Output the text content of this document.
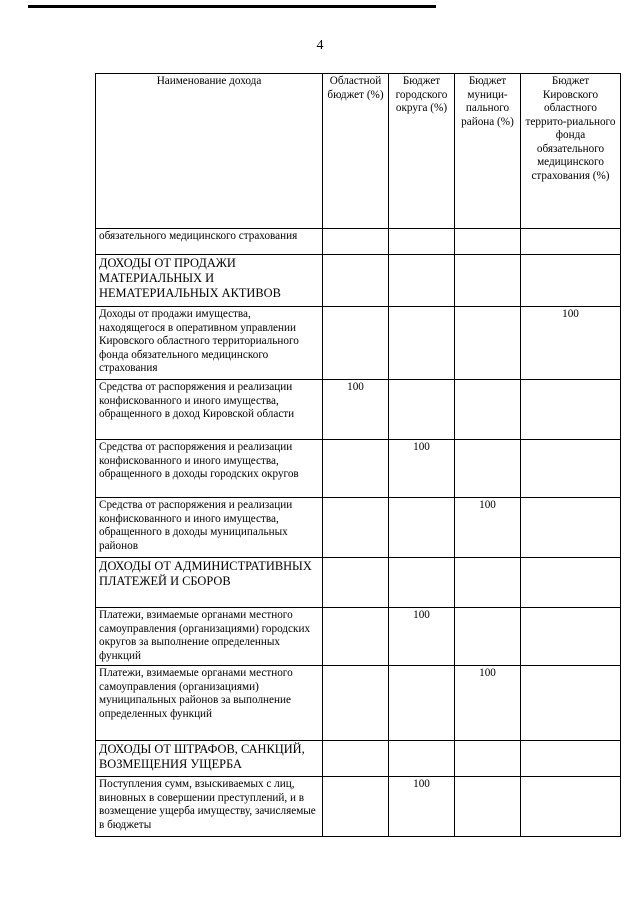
4
Наименование дохода	Областной бюджет (%)	Бюджет городского округа (%)	Бюджет муници-пального района (%)	Бюджет Кировского областного террито-риального фонда обязательного медицинского страхования (%)
обязательного медицинского страхования				
ДОХОДЫ ОТ ПРОДАЖИ МАТЕРИАЛЬНЫХ И НЕМАТЕРИАЛЬНЫХ АКТИВОВ				
Доходы от продажи имущества, находящегося в оперативном управлении Кировского областного территориального фонда обязательного медицинского страхования				100
Средства от распоряжения и реализации конфискованного и иного имущества, обращенного в доход Кировской области	100			
Средства от распоряжения и реализации конфискованного и иного имущества, обращенного в доходы городских округов		100		
Средства от распоряжения и реализации конфискованного и иного имущества, обращенного в доходы муниципальных районов			100	
ДОХОДЫ ОТ АДМИНИСТРАТИВНЫХ ПЛАТЕЖЕЙ И СБОРОВ				
Платежи, взимаемые органами местного самоуправления (организациями) городских округов за выполнение определенных функций		100		
Платежи, взимаемые органами местного самоуправления (организациями) муниципальных районов за выполнение определенных функций			100	
ДОХОДЫ ОТ ШТРАФОВ, САНКЦИЙ, ВОЗМЕЩЕНИЯ УЩЕРБА				
Поступления сумм, взыскиваемых с лиц, виновных в совершении преступлений, и в возмещение ущерба имуществу, зачисляемые в бюджеты		100		
